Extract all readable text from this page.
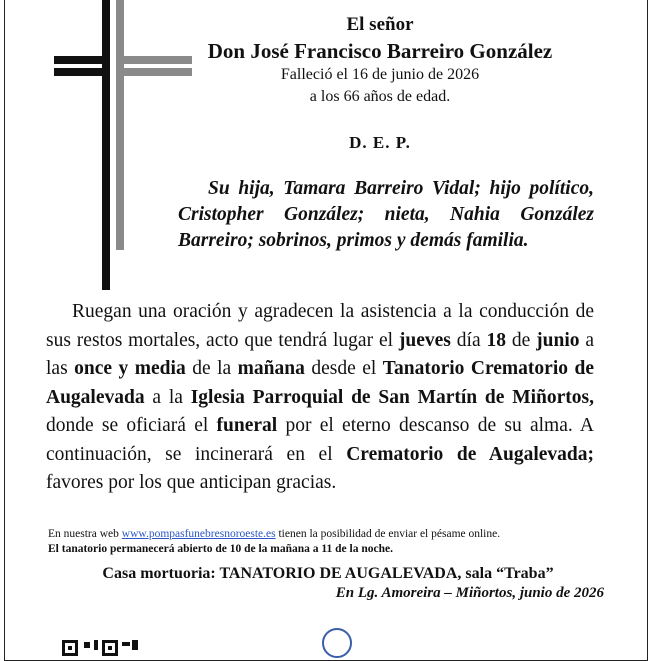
El señor
Don José Francisco Barreiro González
Falleció el 16 de junio de 2026
a los 66 años de edad.
D. E. P.
Su hija, Tamara Barreiro Vidal; hijo político, Cristopher González; nieta, Nahia González Barreiro; sobrinos, primos y demás familia.

Ruegan una oración y agradecen la asistencia a la conducción de sus restos mortales, acto que tendrá lugar el jueves día 18 de junio a las once y media de la mañana desde el Tanatorio Crematorio de Augalevada a la Iglesia Parroquial de San Martín de Miñortos, donde se oficiará el funeral por el eterno descanso de su alma. A continuación, se incinerará en el Crematorio de Augalevada; favores por los que anticipan gracias.

En nuestra web www.pompasfunebresnoroeste.es tienen la posibilidad de enviar el pésame online.
El tanatorio permanecerá abierto de 10 de la mañana a 11 de la noche.
Casa mortuoria: TANATORIO DE AUGALEVADA, sala “Traba”
En Lg. Amoreira – Miñortos, junio de 2026
